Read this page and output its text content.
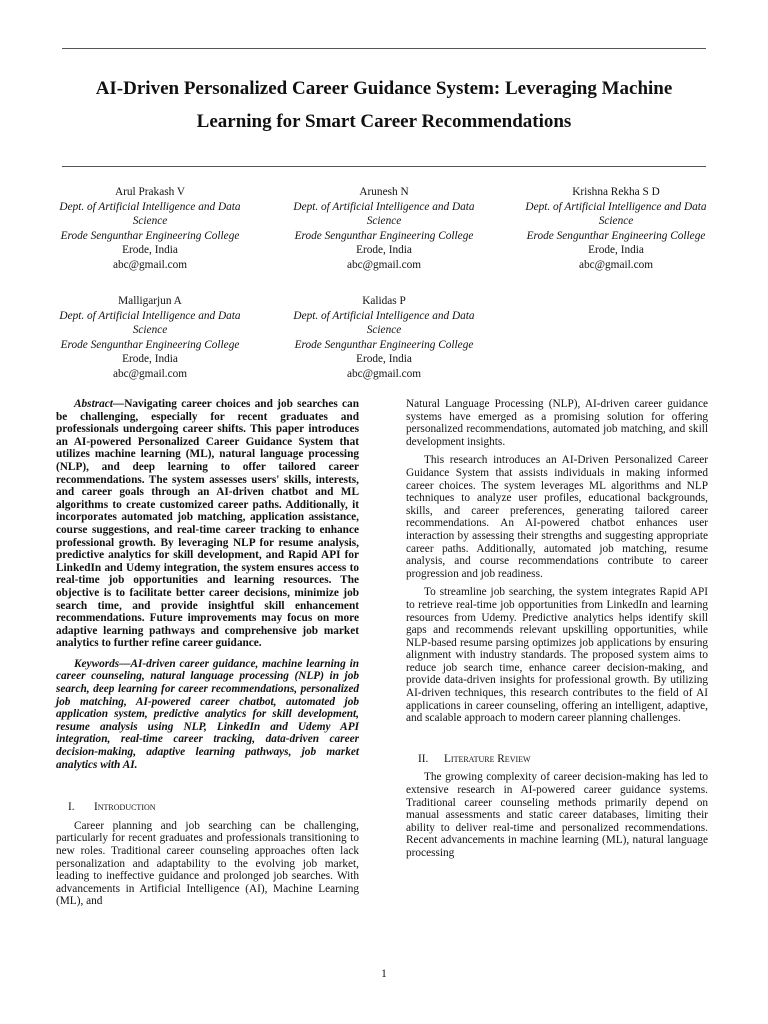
AI-Driven Personalized Career Guidance System: Leveraging Machine
Learning for Smart Career Recommendations
Arul Prakash V
Dept. of Artificial Intelligence and Data
Science
Erode Sengunthar Engineering College
Erode, India
abc@gmail.com
Arunesh N
Dept. of Artificial Intelligence and Data
Science
Erode Sengunthar Engineering College
Erode, India
abc@gmail.com
Krishna Rekha S D
Dept. of Artificial Intelligence and Data
Science
Erode Sengunthar Engineering College
Erode, India
abc@gmail.com
Malligarjun A
Dept. of Artificial Intelligence and Data
Science
Erode Sengunthar Engineering College
Erode, India
abc@gmail.com
Kalidas P
Dept. of Artificial Intelligence and Data
Science
Erode Sengunthar Engineering College
Erode, India
abc@gmail.com

Abstract—Navigating career choices and job searches can be challenging, especially for recent graduates and professionals undergoing career shifts. This paper introduces an AI-powered Personalized Career Guidance System that utilizes machine learning (ML), natural language processing (NLP), and deep learning to offer tailored career recommendations. The system assesses users' skills, interests, and career goals through an AI-driven chatbot and ML algorithms to create customized career paths. Additionally, it incorporates automated job matching, application assistance, course suggestions, and real-time career tracking to enhance professional growth. By leveraging NLP for resume analysis, predictive analytics for skill development, and Rapid API for LinkedIn and Udemy integration, the system ensures access to real-time job opportunities and learning resources. The objective is to facilitate better career decisions, minimize job search time, and provide insightful skill enhancement recommendations. Future improvements may focus on more adaptive learning pathways and comprehensive job market analytics to further refine career guidance.

Keywords—AI-driven career guidance, machine learning in career counseling, natural language processing (NLP) in job search, deep learning for career recommendations, personalized job matching, AI-powered career chatbot, automated job application system, predictive analytics for skill development, resume analysis using NLP, LinkedIn and Udemy API integration, real-time career tracking, data-driven career decision-making, adaptive learning pathways, job market analytics with AI.

I. Introduction

Career planning and job searching can be challenging, particularly for recent graduates and professionals transitioning to new roles. Traditional career counseling approaches often lack personalization and adaptability to the evolving job market, leading to ineffective guidance and prolonged job searches. With advancements in Artificial Intelligence (AI), Machine Learning (ML), and

Natural Language Processing (NLP), AI-driven career guidance systems have emerged as a promising solution for offering personalized recommendations, automated job matching, and skill development insights.

This research introduces an AI-Driven Personalized Career Guidance System that assists individuals in making informed career choices. The system leverages ML algorithms and NLP techniques to analyze user profiles, educational backgrounds, skills, and career preferences, generating tailored career recommendations. An AI-powered chatbot enhances user interaction by assessing their strengths and suggesting appropriate career paths. Additionally, automated job matching, resume analysis, and course recommendations contribute to career progression and job readiness.

To streamline job searching, the system integrates Rapid API to retrieve real-time job opportunities from LinkedIn and learning resources from Udemy. Predictive analytics helps identify skill gaps and recommends relevant upskilling opportunities, while NLP-based resume parsing optimizes job applications by ensuring alignment with industry standards. The proposed system aims to reduce job search time, enhance career decision-making, and provide data-driven insights for professional growth. By utilizing AI-driven techniques, this research contributes to the field of AI applications in career counseling, offering an intelligent, adaptive, and scalable approach to modern career planning challenges.

II. Literature Review

The growing complexity of career decision-making has led to extensive research in AI-powered career guidance systems. Traditional career counseling methods primarily depend on manual assessments and static career databases, limiting their ability to deliver real-time and personalized recommendations. Recent advancements in machine learning (ML), natural language processing

1
